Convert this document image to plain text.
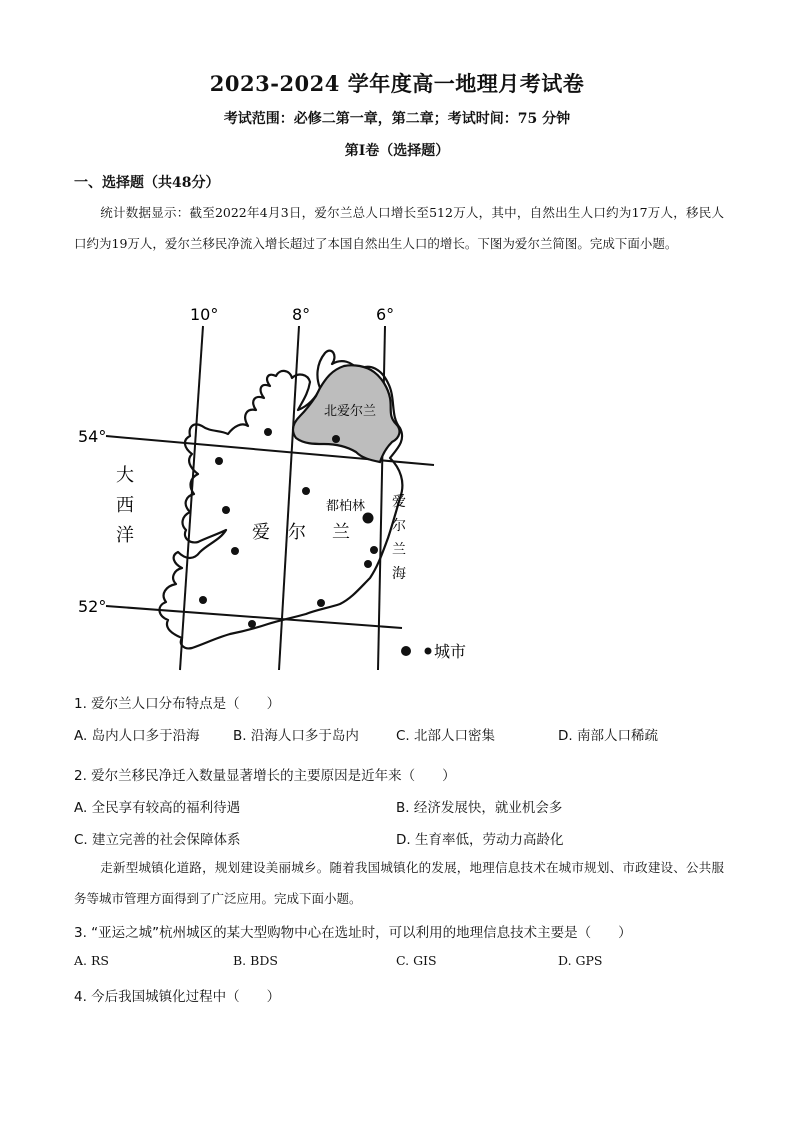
2023-2024 学年度高一地理月考试卷
考试范围：必修二第一章，第二章；考试时间：75 分钟
第Ⅰ卷（选择题）
一、选择题（共48分）
统计数据显示：截至2022年4月3日，爱尔兰总人口增长至512万人，其中，自然出生人口约为17万人，移民人口约为19万人，爱尔兰移民净流入增长超过了本国自然出生人口的增长。下图为爱尔兰简图。完成下面小题。
10°	8°	6°
54°
52°
北爱尔兰
大
西
洋
爱
尔
兰
海
爱 尔 兰
都柏林
城市
1. 爱尔兰人口分布特点是（　　）
A. 岛内人口多于沿海 B. 沿海人口多于岛内	C. 北部人口密集	D. 南部人口稀疏
2. 爱尔兰移民净迁入数量显著增长的主要原因是近年来（　　）
A. 全民享有较高的福利待遇	B. 经济发展快，就业机会多
C. 建立完善的社会保障体系	D. 生育率低，劳动力高龄化
走新型城镇化道路，规划建设美丽城乡。随着我国城镇化的发展，地理信息技术在城市规划、市政建设、公共服务等城市管理方面得到了广泛应用。完成下面小题。
3. “亚运之城”杭州城区的某大型购物中心在选址时，可以利用的地理信息技术主要是（　　）
A. RS	B. BDS	C. GIS	D. GPS
4. 今后我国城镇化过程中（　　）
